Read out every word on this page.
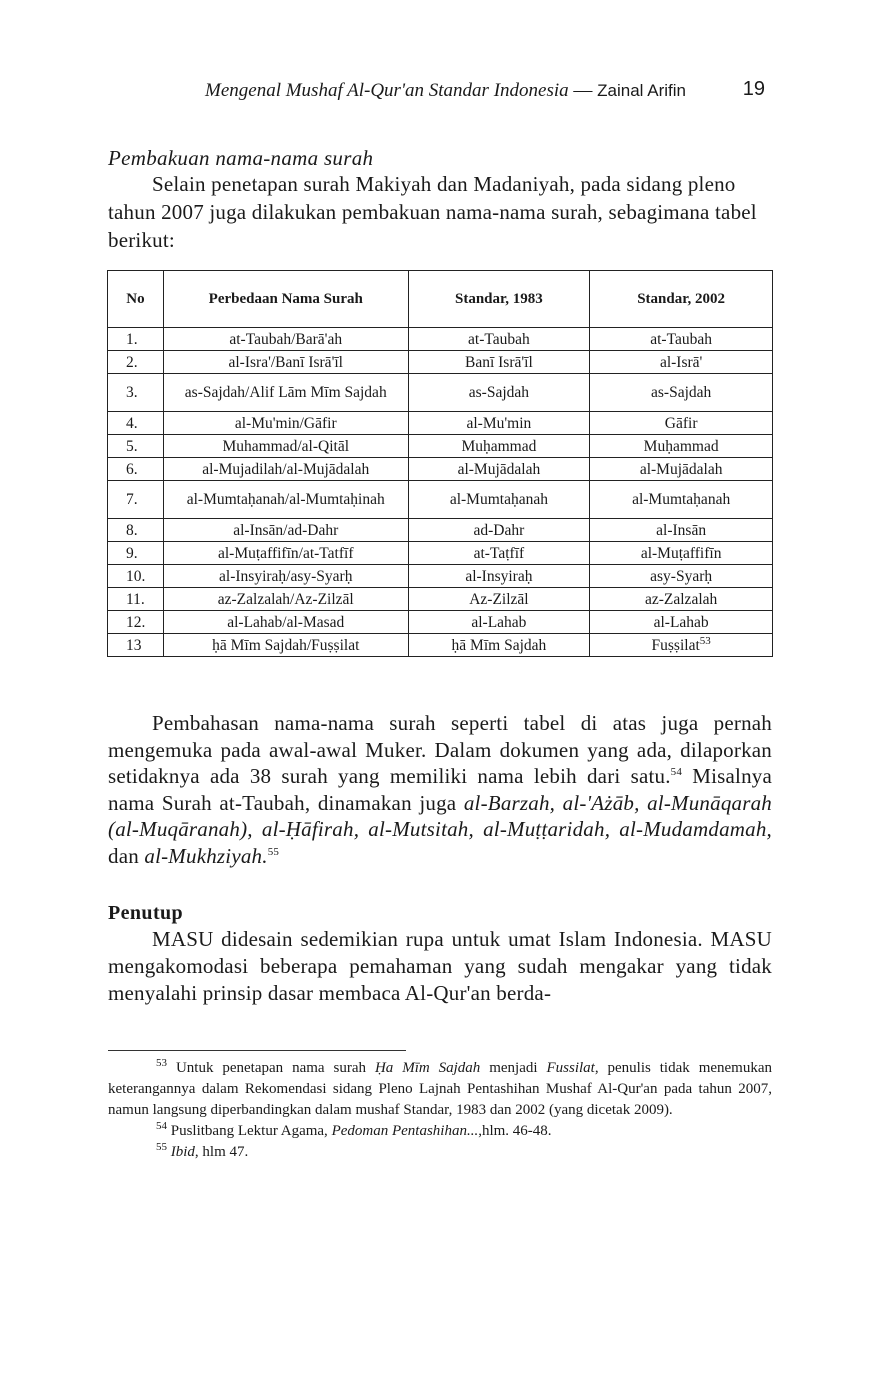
Mengenal Mushaf Al-Qur'an Standar Indonesia — Zainal Arifin	19
Pembakuan nama-nama surah
Selain penetapan surah Makiyah dan Madaniyah, pada sidang pleno tahun 2007 juga dilakukan pembakuan nama-nama surah, sebagimana tabel berikut:
No	Perbedaan Nama Surah	Standar, 1983	Standar, 2002
1.	at-Taubah/Barā'ah	at-Taubah	at-Taubah
2.	al-Isra'/Banī Isrā'īl	Banī Isrā'īl	al-Isrā'
3.	as-Sajdah/Alif Lām Mīm Sajdah	as-Sajdah	as-Sajdah
4.	al-Mu'min/Gāfir	al-Mu'min	Gāfir
5.	Muhammad/al-Qitāl	Muḥammad	Muḥammad
6.	al-Mujadilah/al-Mujādalah	al-Mujādalah	al-Mujādalah
7.	al-Mumtaḥanah/al-Mumtaḥinah	al-Mumtaḥanah	al-Mumtaḥanah
8.	al-Insān/ad-Dahr	ad-Dahr	al-Insān
9.	al-Muṭaffifīn/at-Tatfīf	at-Taṭfīf	al-Muṭaffifīn
10.	al-Insyiraḥ/asy-Syarḥ	al-Insyiraḥ	asy-Syarḥ
11.	az-Zalzalah/Az-Zilzāl	Az-Zilzāl	az-Zalzalah
12.	al-Lahab/al-Masad	al-Lahab	al-Lahab
13	ḥā Mīm Sajdah/Fuṣṣilat	ḥā Mīm Sajdah	Fuṣṣilat$^{53}$
Pembahasan nama-nama surah seperti tabel di atas juga pernah mengemuka pada awal-awal Muker. Dalam dokumen yang ada, dilaporkan setidaknya ada 38 surah yang memiliki nama lebih dari satu.$^{54}$ Misalnya nama Surah at-Taubah, dinamakan juga al-Barzah, al-'Ażāb, al-Munāqarah (al-Muqāranah), al-Ḥāfirah, al-Mutsitah, al-Muṭṭaridah, al-Mudamdamah, dan al-Mukhziyah.$^{55}$
Penutup
MASU didesain sedemikian rupa untuk umat Islam Indonesia. MASU mengakomodasi beberapa pemahaman yang sudah mengakar yang tidak menyalahi prinsip dasar membaca Al-Qur'an berda-

$^{53}$ Untuk penetapan nama surah Ḥa Mīm Sajdah menjadi Fussilat, penulis tidak menemukan keterangannya dalam Rekomendasi sidang Pleno Lajnah Pentashihan Mushaf Al-Qur'an pada tahun 2007, namun langsung diperbandingkan dalam mushaf Standar, 1983 dan 2002 (yang dicetak 2009).

$^{54}$ Puslitbang Lektur Agama, Pedoman Pentashihan...,hlm. 46-48.

$^{55}$ Ibid, hlm 47.
